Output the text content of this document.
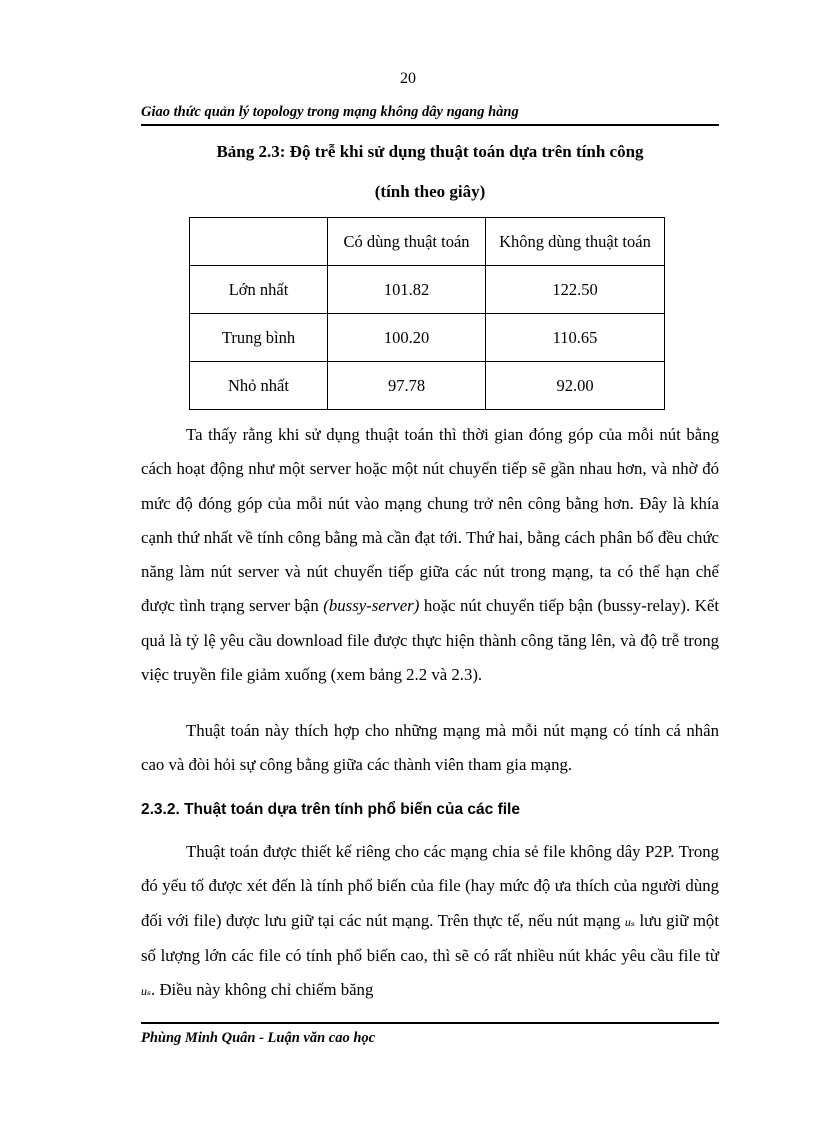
20
Giao thức quản lý topology trong mạng không dây ngang hàng
Bảng 2.3: Độ trễ khi sử dụng thuật toán dựa trên tính công
(tính theo giây)
	Có dùng thuật toán	Không dùng thuật toán
Lớn nhất	101.82	122.50
Trung bình	100.20	110.65
Nhỏ nhất	97.78	92.00

Ta thấy rằng khi sử dụng thuật toán thì thời gian đóng góp của mỗi nút bằng cách hoạt động như một server hoặc một nút chuyển tiếp sẽ gần nhau hơn, và nhờ đó mức độ đóng góp của mỗi nút vào mạng chung trở nên công bằng hơn. Đây là khía cạnh thứ nhất về tính công bằng mà cần đạt tới. Thứ hai, bằng cách phân bố đều chức năng làm nút server và nút chuyển tiếp giữa các nút trong mạng, ta có thể hạn chế được tình trạng server bận (bussy-server) hoặc nút chuyển tiếp bận (bussy-relay). Kết quả là tỷ lệ yêu cầu download file được thực hiện thành công tăng lên, và độ trễ trong việc truyền file giảm xuống (xem bảng 2.2 và 2.3).

Thuật toán này thích hợp cho những mạng mà mỗi nút mạng có tính cá nhân cao và đòi hỏi sự công bằng giữa các thành viên tham gia mạng.

2.3.2. Thuật toán dựa trên tính phổ biến của các file

Thuật toán được thiết kế riêng cho các mạng chia sẻ file không dây P2P. Trong đó yếu tố được xét đến là tính phổ biến của file (hay mức độ ưa thích của người dùng đối với file) được lưu giữ tại các nút mạng. Trên thực tế, nếu nút mạng uₛ lưu giữ một số lượng lớn các file có tính phổ biến cao, thì sẽ có rất nhiều nút khác yêu cầu file từ uₛ. Điều này không chỉ chiếm băng

Phùng Minh Quân - Luận văn cao học
